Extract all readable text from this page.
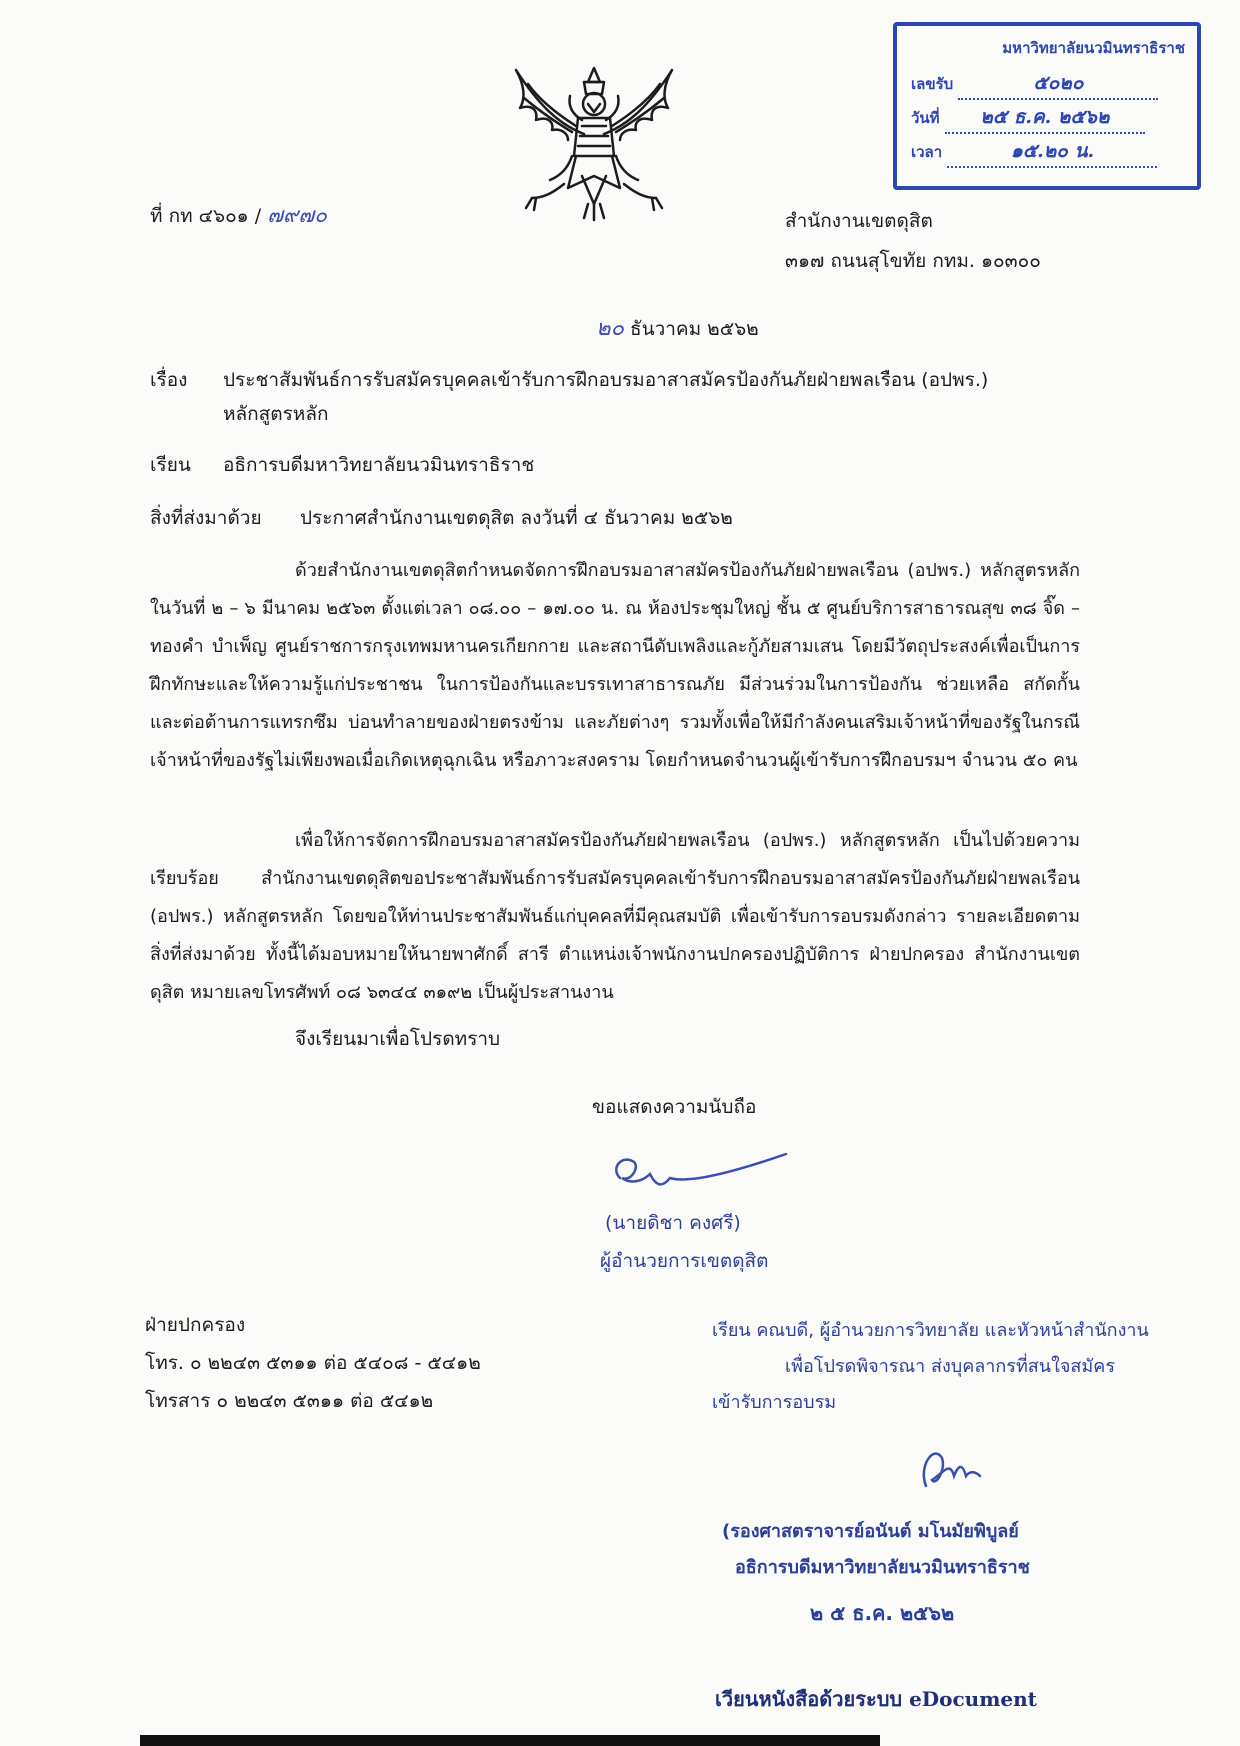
มหาวิทยาลัยนวมินทราธิราช
เลขรับ	๕๐๒๐
วันที่ ๒๕ ธ.ค. ๒๕๖๒
เวลา	๑๕.๒๐ น.
ที่ กท ๔๖๐๑ / ๗๙๗๐	สำนักงานเขตดุสิต
๓๑๗ ถนนสุโขทัย กทม. ๑๐๓๐๐
๒๐ ธันวาคม ๒๕๖๒
เรื่อง ประชาสัมพันธ์การรับสมัครบุคคลเข้ารับการฝึกอบรมอาสาสมัครป้องกันภัยฝ่ายพลเรือน (อปพร.)
หลักสูตรหลัก
เรียน อธิการบดีมหาวิทยาลัยนวมินทราธิราช
สิ่งที่ส่งมาด้วย ประกาศสำนักงานเขตดุสิต ลงวันที่ ๔ ธันวาคม ๒๕๖๒
ด้วยสำนักงานเขตดุสิตกำหนดจัดการฝึกอบรมอาสาสมัครป้องกันภัยฝ่ายพลเรือน (อปพร.) หลักสูตรหลัก ในวันที่ ๒ – ๖ มีนาคม ๒๕๖๓ ตั้งแต่เวลา ๐๘.๐๐ – ๑๗.๐๐ น. ณ ห้องประชุมใหญ่ ชั้น ๕ ศูนย์บริการสาธารณสุข ๓๘ จิ๊ด – ทองคำ บำเพ็ญ ศูนย์ราชการกรุงเทพมหานครเกียกกาย และสถานีดับเพลิงและกู้ภัยสามเสน โดยมีวัตถุประสงค์เพื่อเป็นการฝึกทักษะและให้ความรู้แก่ประชาชน ในการป้องกันและบรรเทาสาธารณภัย มีส่วนร่วมในการป้องกัน ช่วยเหลือ สกัดกั้น และต่อต้านการแทรกซึม บ่อนทำลายของฝ่ายตรงข้าม และภัยต่างๆ รวมทั้งเพื่อให้มีกำลังคนเสริมเจ้าหน้าที่ของรัฐในกรณีเจ้าหน้าที่ของรัฐไม่เพียงพอเมื่อเกิดเหตุฉุกเฉิน หรือภาวะสงคราม โดยกำหนดจำนวนผู้เข้ารับการฝึกอบรมฯ จำนวน ๕๐ คน
เพื่อให้การจัดการฝึกอบรมอาสาสมัครป้องกันภัยฝ่ายพลเรือน (อปพร.) หลักสูตรหลัก เป็นไปด้วยความเรียบร้อย สำนักงานเขตดุสิตขอประชาสัมพันธ์การรับสมัครบุคคลเข้ารับการฝึกอบรมอาสาสมัครป้องกันภัยฝ่ายพลเรือน (อปพร.) หลักสูตรหลัก โดยขอให้ท่านประชาสัมพันธ์แก่บุคคลที่มีคุณสมบัติ เพื่อเข้ารับการอบรมดังกล่าว รายละเอียดตามสิ่งที่ส่งมาด้วย ทั้งนี้ได้มอบหมายให้นายพาศักดิ์ สารี ตำแหน่งเจ้าพนักงานปกครองปฏิบัติการ ฝ่ายปกครอง สำนักงานเขตดุสิต หมายเลขโทรศัพท์ ๐๘ ๖๓๔๔ ๓๑๙๒ เป็นผู้ประสานงาน
จึงเรียนมาเพื่อโปรดทราบ
ขอแสดงความนับถือ
(นายดิชา คงศรี)
ผู้อำนวยการเขตดุสิต
ฝ่ายปกครอง
โทร. ๐ ๒๒๔๓ ๕๓๑๑ ต่อ ๕๔๐๘ - ๕๔๑๒
โทรสาร ๐ ๒๒๔๓ ๕๓๑๑ ต่อ ๕๔๑๒
เรียน คณบดี, ผู้อำนวยการวิทยาลัย และหัวหน้าสำนักงาน
เพื่อโปรดพิจารณา ส่งบุคลากรที่สนใจสมัคร
เข้ารับการอบรม
(รองศาสตราจารย์อนันต์ มโนมัยพิบูลย์
อธิการบดีมหาวิทยาลัยนวมินทราธิราช
๒ ๕ ธ.ค. ๒๕๖๒
เวียนหนังสือด้วยระบบ eDocument
